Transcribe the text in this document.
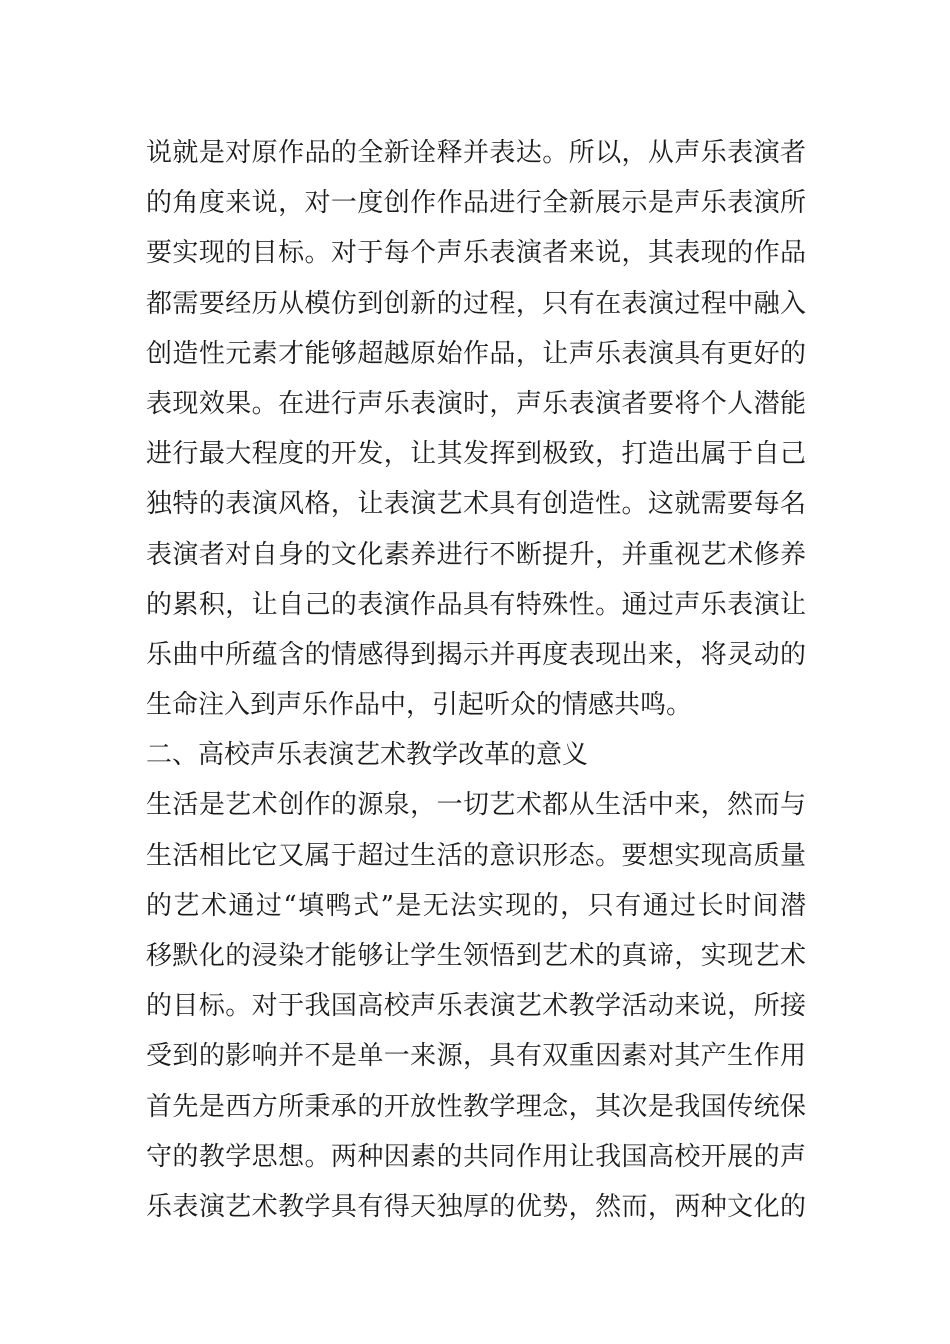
说就是对原作品的全新诠释并表达。所以，从声乐表演者
的角度来说，对一度创作作品进行全新展示是声乐表演所
要实现的目标。对于每个声乐表演者来说，其表现的作品
都需要经历从模仿到创新的过程，只有在表演过程中融入
创造性元素才能够超越原始作品，让声乐表演具有更好的
表现效果。在进行声乐表演时，声乐表演者要将个人潜能
进行最大程度的开发，让其发挥到极致，打造出属于自己
独特的表演风格，让表演艺术具有创造性。这就需要每名
表演者对自身的文化素养进行不断提升，并重视艺术修养
的累积，让自己的表演作品具有特殊性。通过声乐表演让
乐曲中所蕴含的情感得到揭示并再度表现出来，将灵动的
生命注入到声乐作品中，引起听众的情感共鸣。
二、高校声乐表演艺术教学改革的意义
生活是艺术创作的源泉，一切艺术都从生活中来，然而与
生活相比它又属于超过生活的意识形态。要想实现高质量
的艺术通过“填鸭式”是无法实现的，只有通过长时间潜
移默化的浸染才能够让学生领悟到艺术的真谛，实现艺术
的目标。对于我国高校声乐表演艺术教学活动来说，所接
受到的影响并不是单一来源，具有双重因素对其产生作用
首先是西方所秉承的开放性教学理念，其次是我国传统保
守的教学思想。两种因素的共同作用让我国高校开展的声
乐表演艺术教学具有得天独厚的优势，然而，两种文化的
